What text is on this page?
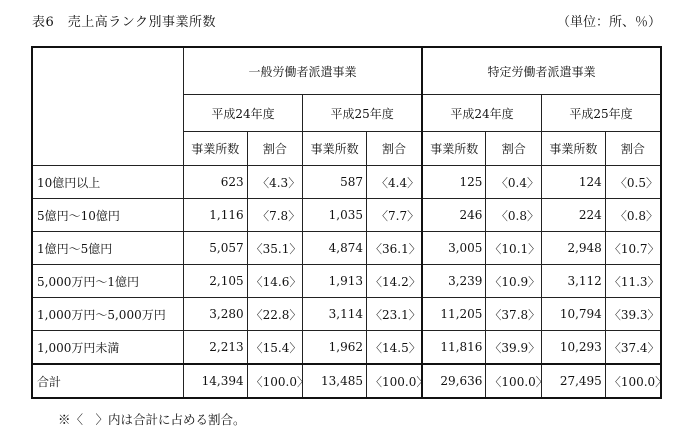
表6　売上高ランク別事業所数	（単位：所、％）
	一般労働者派遣事業				特定労働者派遣事業			
	平成24年度		平成25年度		平成24年度		平成25年度	
	事業所数	割合	事業所数	割合	事業所数	割合	事業所数	割合
10億円以上	623	〈4.3〉	587	〈4.4〉	125	〈0.4〉	124	〈0.5〉
5億円～10億円	1,116	〈7.8〉	1,035	〈7.7〉	246	〈0.8〉	224	〈0.8〉
1億円～5億円	5,057	〈35.1〉	4,874	〈36.1〉	3,005	〈10.1〉	2,948	〈10.7〉
5,000万円～1億円	2,105	〈14.6〉	1,913	〈14.2〉	3,239	〈10.9〉	3,112	〈11.3〉
1,000万円～5,000万円	3,280	〈22.8〉	3,114	〈23.1〉	11,205	〈37.8〉	10,794	〈39.3〉
1,000万円未満	2,213	〈15.4〉	1,962	〈14.5〉	11,816	〈39.9〉	10,293	〈37.4〉
合計	14,394	〈100.0〉	13,485	〈100.0〉	29,636	〈100.0〉	27,495	〈100.0〉
※〈　〉内は合計に占める割合。
